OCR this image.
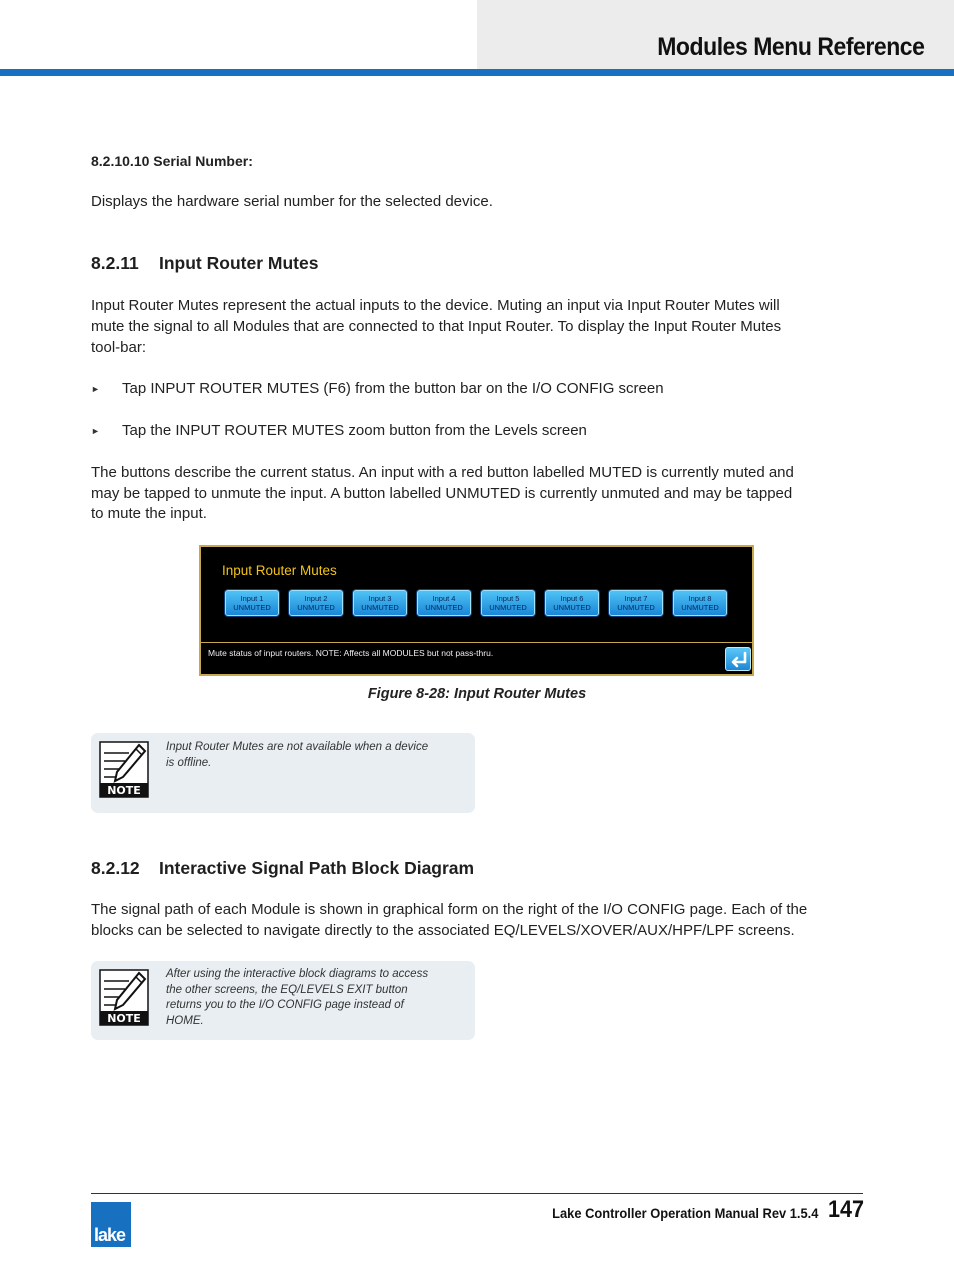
Modules Menu Reference
8.2.10.10 Serial Number:
Displays the hardware serial number for the selected device.
8.2.11 Input Router Mutes
Input Router Mutes represent the actual inputs to the device. Muting an input via Input Router Mutes will
mute the signal to all Modules that are connected to that Input Router. To display the Input Router Mutes
tool-bar:
► Tap INPUT ROUTER MUTES (F6) from the button bar on the I/O CONFIG screen
► Tap the INPUT ROUTER MUTES zoom button from the Levels screen
The buttons describe the current status. An input with a red button labelled MUTED is currently muted and
may be tapped to unmute the input. A button labelled UNMUTED is currently unmuted and may be tapped
to mute the input.
Input Router Mutes
Input 1
UNMUTED
Input 2
UNMUTED
Input 3
UNMUTED
Input 4
UNMUTED
Input 5
UNMUTED
Input 6
UNMUTED
Input 7
UNMUTED
Input 8
UNMUTED
Mute status of input routers. NOTE: Affects all MODULES but not pass-thru.
Figure 8-28: Input Router Mutes
NOTE
Input Router Mutes are not available when a device
is offline.
8.2.12 Interactive Signal Path Block Diagram
The signal path of each Module is shown in graphical form on the right of the I/O CONFIG page. Each of the
blocks can be selected to navigate directly to the associated EQ/LEVELS/XOVER/AUX/HPF/LPF screens.
NOTE
After using the interactive block diagrams to access
the other screens, the EQ/LEVELS EXIT button
returns you to the I/O CONFIG page instead of
HOME.
lake
Lake Controller Operation Manual Rev 1.5.4 147
